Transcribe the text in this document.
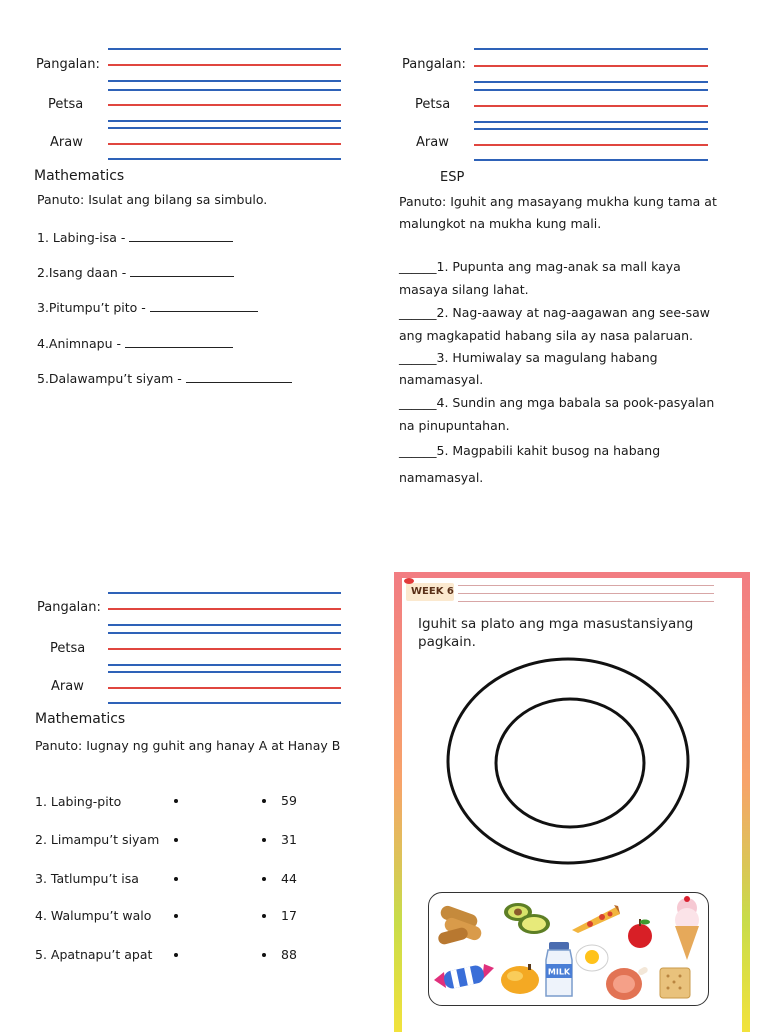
Pangalan:
Petsa
Araw
Mathematics
Panuto: Isulat ang bilang sa simbulo.
1. Labing-isa -
2.Isang daan -
3.Pitumpu’t pito -
4.Animnapu -
5.Dalawampu’t siyam -
Pangalan:
Petsa
Araw
ESP
Panuto: Iguhit ang masayang mukha kung tama at
malungkot na mukha kung mali.
______1. Pupunta ang mag-anak sa mall kaya
masaya silang lahat.
______2. Nag-aaway at nag-aagawan ang see-saw
ang magkapatid habang sila ay nasa palaruan.
______3. Humiwalay sa magulang habang
namamasyal.
______4. Sundin ang mga babala sa pook-pasyalan
na pinupuntahan.
______5. Magpabili kahit busog na habang
namamasyal.
Pangalan:
Petsa
Araw
Mathematics
Panuto: Iugnay ng guhit ang hanay A at Hanay B
1. Labing-pito
2. Limampu’t siyam
3. Tatlumpu’t isa
4. Walumpu’t walo
5. Apatnapu’t apat
59
31
44
17
88
WEEK 6
Iguhit sa plato ang mga masustansiyang
pagkain.
MILK
